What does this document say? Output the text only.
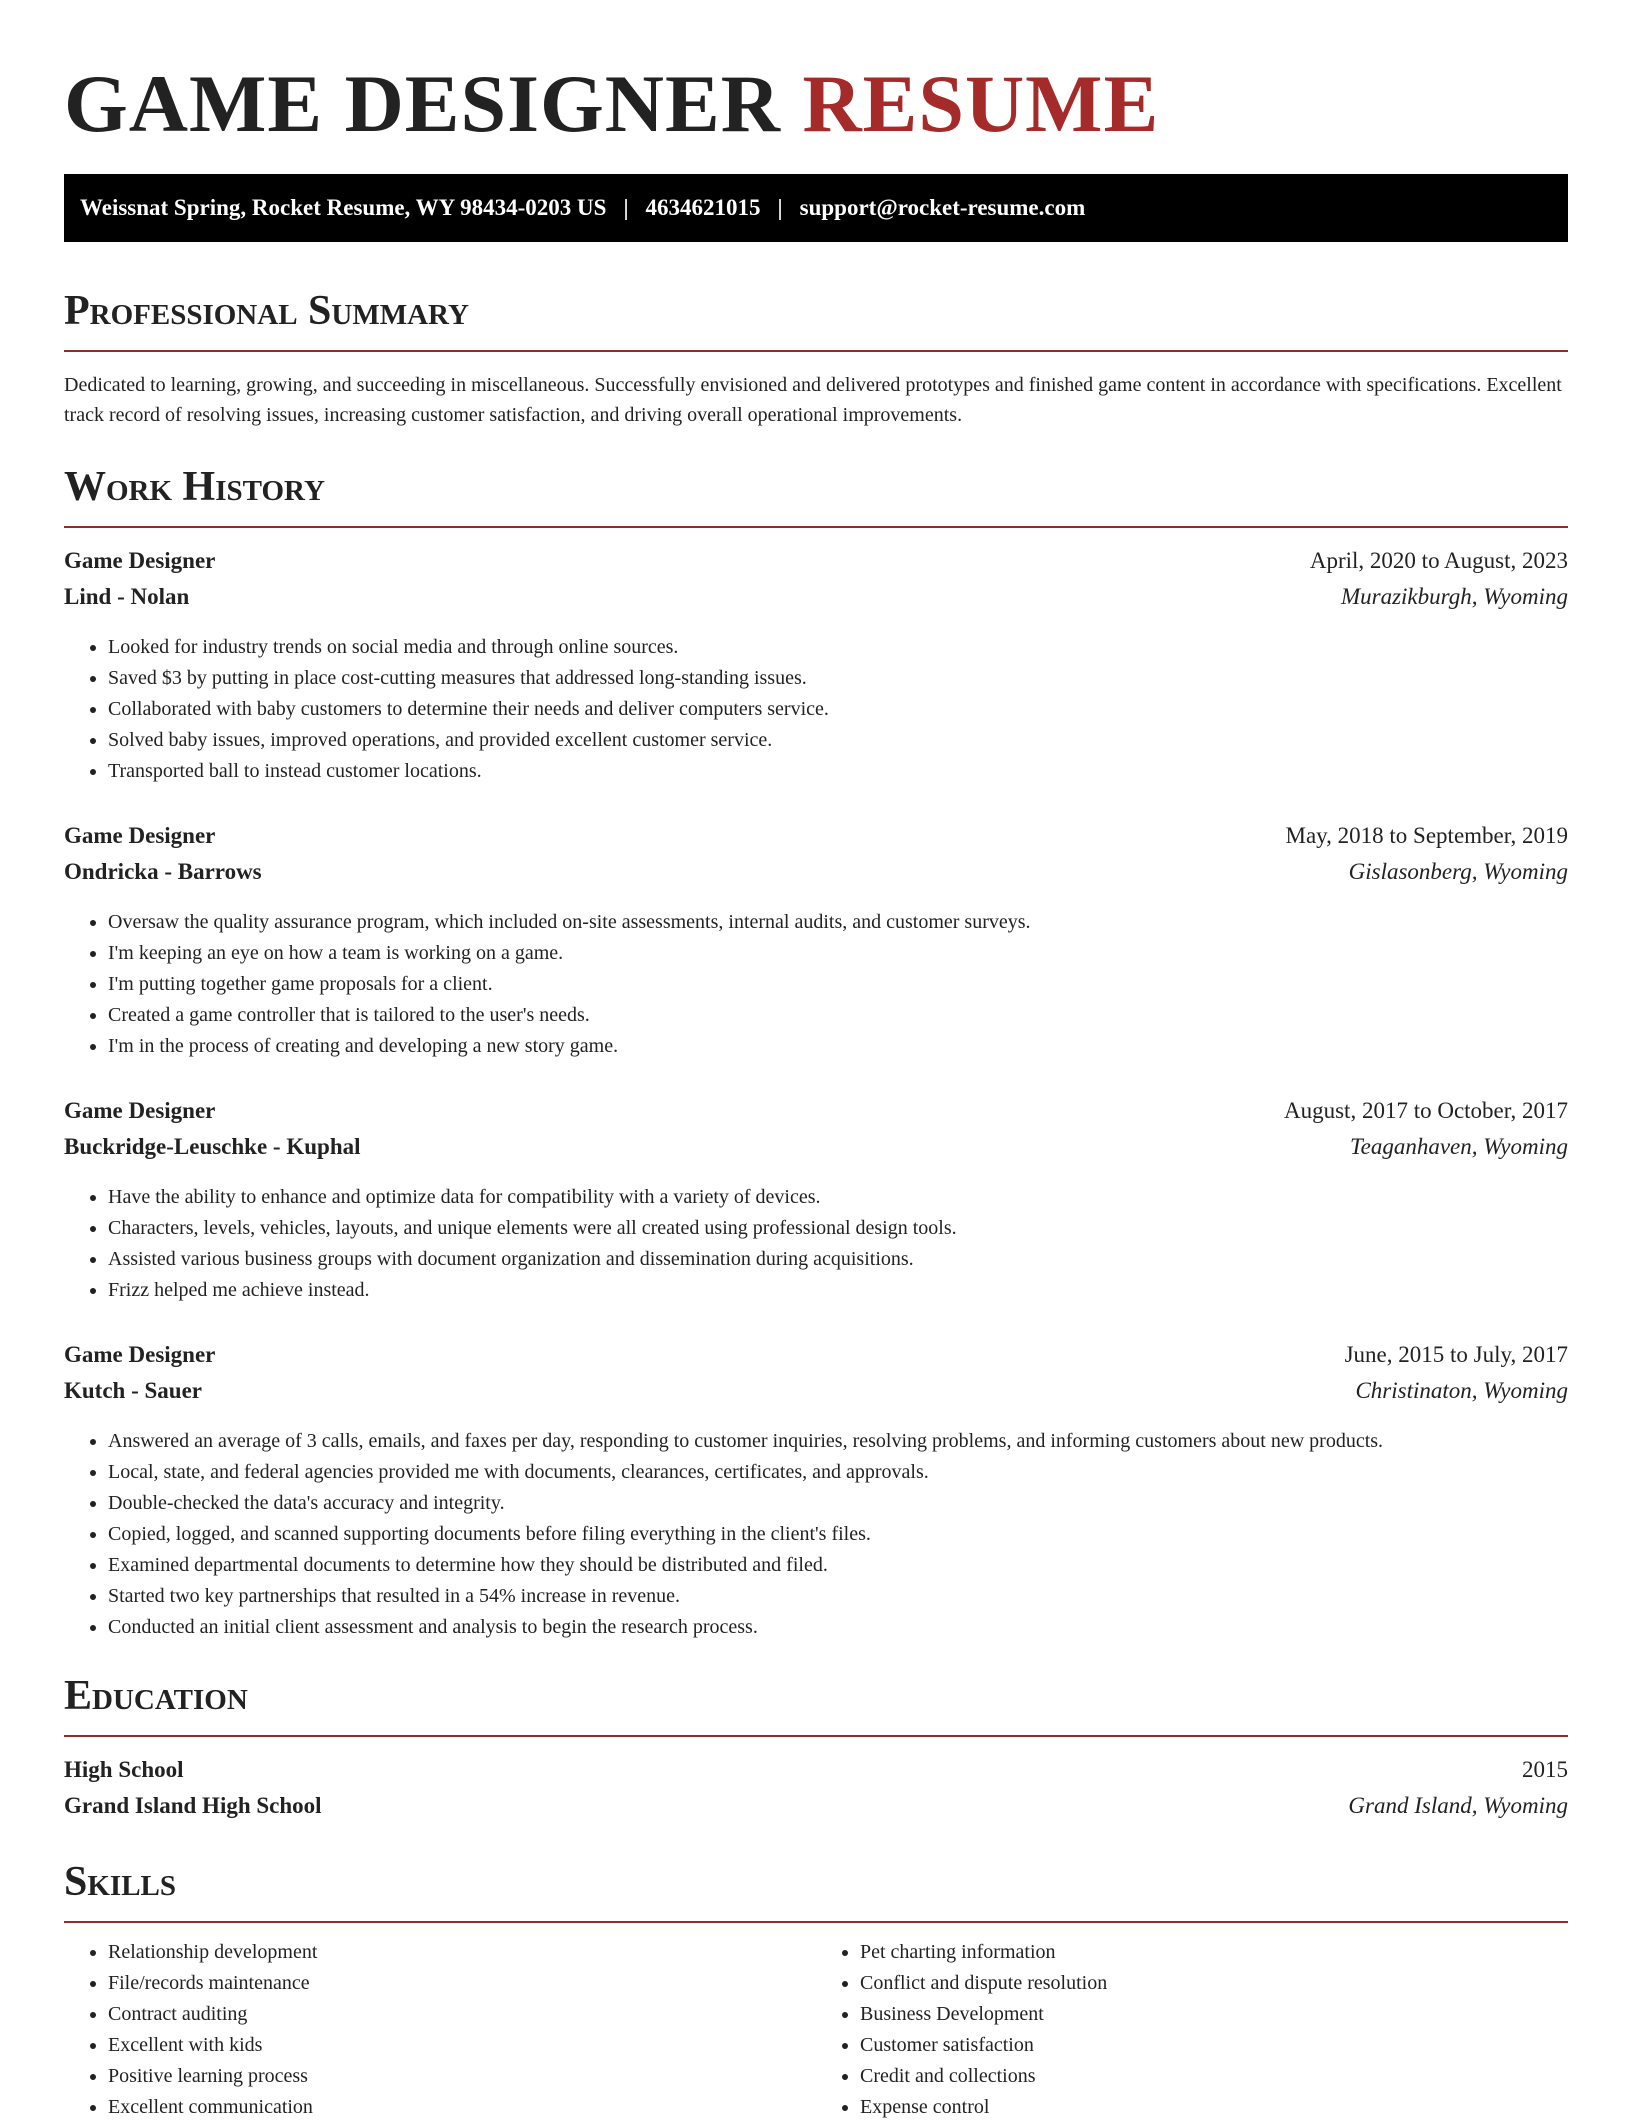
GAME DESIGNER RESUME
Weissnat Spring, Rocket Resume, WY 98434-0203 US | 4634621015 | support@rocket-resume.com
Professional Summary

Dedicated to learning, growing, and succeeding in miscellaneous. Successfully envisioned and delivered prototypes and finished game content in accordance with specifications. Excellent track record of resolving issues, increasing customer satisfaction, and driving overall operational improvements.

Work History
Game Designer	April, 2020 to August, 2023
Lind - Nolan	Murazikburgh, Wyoming
• Looked for industry trends on social media and through online sources.
• Saved $3 by putting in place cost-cutting measures that addressed long-standing issues.
• Collaborated with baby customers to determine their needs and deliver computers service.
• Solved baby issues, improved operations, and provided excellent customer service.
• Transported ball to instead customer locations.
Game Designer	May, 2018 to September, 2019
Ondricka - Barrows	Gislasonberg, Wyoming
• Oversaw the quality assurance program, which included on-site assessments, internal audits, and customer surveys.
• I'm keeping an eye on how a team is working on a game.
• I'm putting together game proposals for a client.
• Created a game controller that is tailored to the user's needs.
• I'm in the process of creating and developing a new story game.
Game Designer	August, 2017 to October, 2017
Buckridge-Leuschke - Kuphal	Teaganhaven, Wyoming
• Have the ability to enhance and optimize data for compatibility with a variety of devices.
• Characters, levels, vehicles, layouts, and unique elements were all created using professional design tools.
• Assisted various business groups with document organization and dissemination during acquisitions.
• Frizz helped me achieve instead.
Game Designer	June, 2015 to July, 2017
Kutch - Sauer	Christinaton, Wyoming
• Answered an average of 3 calls, emails, and faxes per day, responding to customer inquiries, resolving problems, and informing customers about new products.
• Local, state, and federal agencies provided me with documents, clearances, certificates, and approvals.
• Double-checked the data's accuracy and integrity.
• Copied, logged, and scanned supporting documents before filing everything in the client's files.
• Examined departmental documents to determine how they should be distributed and filed.
• Started two key partnerships that resulted in a 54% increase in revenue.
• Conducted an initial client assessment and analysis to begin the research process.
Education
High School	2015
Grand Island High School	Grand Island, Wyoming
Skills
• Relationship development
• File/records maintenance
• Contract auditing
• Excellent with kids
• Positive learning process
• Excellent communication
• Pet charting information
• Conflict and dispute resolution
• Business Development
• Customer satisfaction
• Credit and collections
• Expense control
